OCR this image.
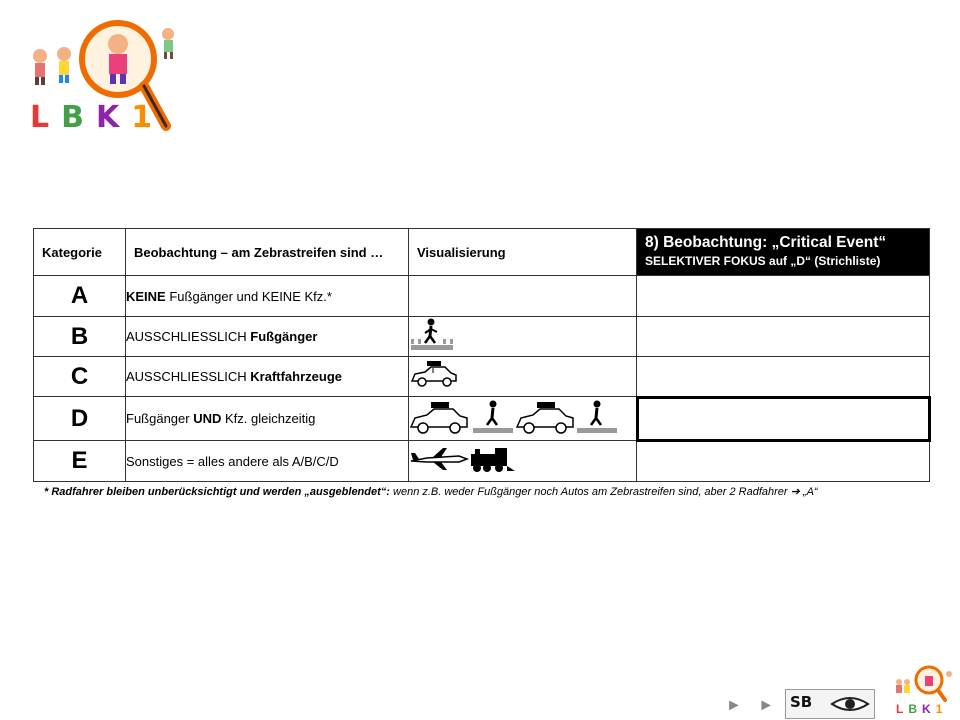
L B K 1
Kategorie	Beobachtung – am Zebrastreifen sind …	Visualisierung	8) Beobachtung: „Critical Event“
SELEKTIVER FOKUS auf „D“ (Strichliste)

A	KEINE Fußgänger und KEINE Kfz.*		
B	AUSSCHLIESSLICH Fußgänger		
C	AUSSCHLIESSLICH Kraftfahrzeuge		
D	Fußgänger UND Kfz. gleichzeitig		
E	Sonstiges = alles andere als A/B/C/D		
* Radfahrer bleiben unberücksichtigt und werden „ausgeblendet“: wenn z.B. weder Fußgänger noch Autos am Zebrastreifen sind, aber 2 Radfahrer ➔ „A“
► ► SB	L B K 1
